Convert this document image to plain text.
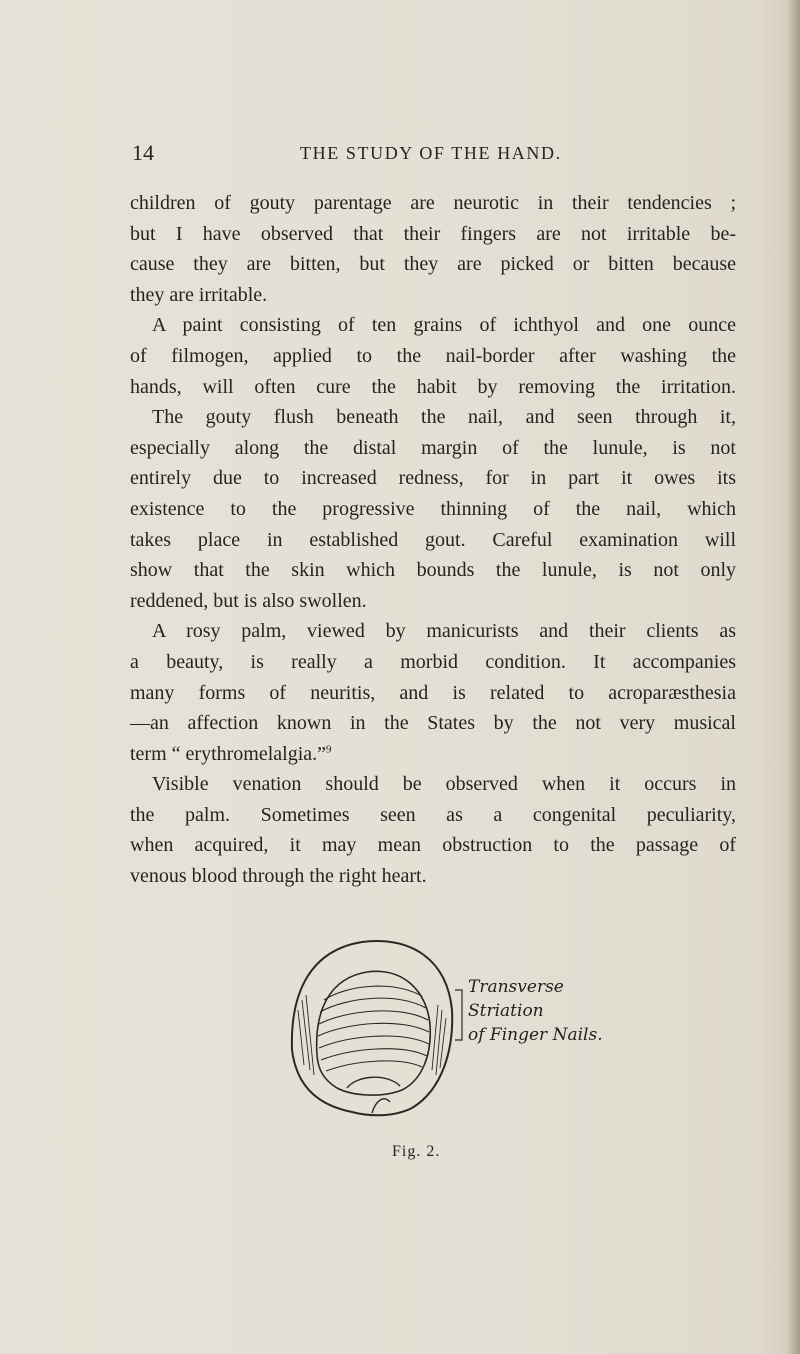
14	THE STUDY OF THE HAND.
children of gouty parentage are neurotic in their tendencies ;
but I have observed that their fingers are not irritable be-
cause they are bitten, but they are picked or bitten because
they are irritable.
A paint consisting of ten grains of ichthyol and one ounce
of filmogen, applied to the nail-border after washing the
hands, will often cure the habit by removing the irritation.
The gouty flush beneath the nail, and seen through it,
especially along the distal margin of the lunule, is not
entirely due to increased redness, for in part it owes its
existence to the progressive thinning of the nail, which
takes place in established gout. Careful examination will
show that the skin which bounds the lunule, is not only
reddened, but is also swollen.
A rosy palm, viewed by manicurists and their clients as
a beauty, is really a morbid condition. It accompanies
many forms of neuritis, and is related to acroparæsthesia
—an affection known in the States by the not very musical
term “ erythromelalgia.”$^9$
Visible venation should be observed when it occurs in
the palm. Sometimes seen as a congenital peculiarity,
when acquired, it may mean obstruction to the passage of
venous blood through the right heart.
Transverse
Striation
of Finger Nails.
Fig. 2.
